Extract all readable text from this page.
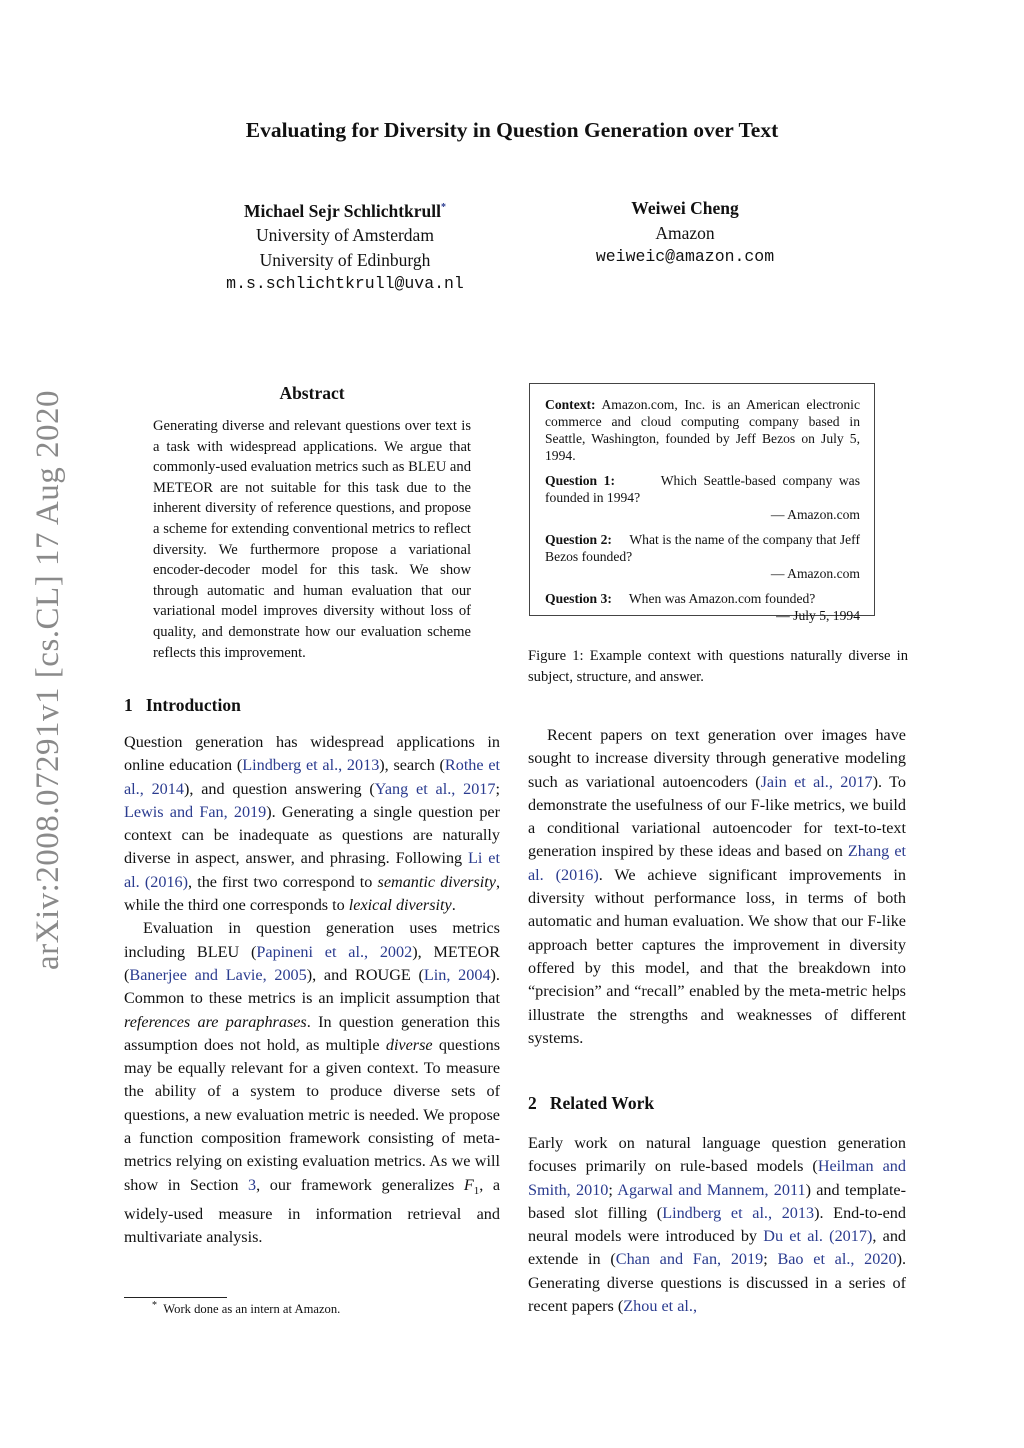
Evaluating for Diversity in Question Generation over Text
Michael Sejr Schlichtkrull*
University of Amsterdam
University of Edinburgh
m.s.schlichtkrull@uva.nl
Weiwei Cheng
Amazon
weiweic@amazon.com
arXiv:2008.07291v1 [cs.CL] 17 Aug 2020	Abstract
Generating diverse and relevant questions over text is a task with widespread applications. We argue that commonly-used evaluation metrics such as BLEU and METEOR are not suitable for this task due to the inherent diversity of reference questions, and propose a scheme for extending conventional metrics to reflect diversity. We furthermore propose a variational encoder-decoder model for this task. We show through automatic and human evaluation that our variational model improves diversity without loss of quality, and demonstrate how our evaluation scheme reflects this improvement.
1 Introduction

Question generation has widespread applications in online education (Lindberg et al., 2013), search (Rothe et al., 2014), and question answering (Yang et al., 2017; Lewis and Fan, 2019). Generating a single question per context can be inadequate as questions are naturally diverse in aspect, answer, and phrasing. Following Li et al. (2016), the first two correspond to semantic diversity, while the third one corresponds to lexical diversity.

Evaluation in question generation uses metrics including BLEU (Papineni et al., 2002), METEOR (Banerjee and Lavie, 2005), and ROUGE (Lin, 2004). Common to these metrics is an implicit assumption that references are paraphrases. In question generation this assumption does not hold, as multiple diverse questions may be equally relevant for a given context. To measure the ability of a system to produce diverse sets of questions, a new evaluation metric is needed. We propose a function composition framework consisting of meta-metrics relying on existing evaluation metrics. As we will show in Section 3, our framework generalizes $F_1$, a widely-used measure in information retrieval and multivariate analysis.

* Work done as an intern at Amazon.

Context: Amazon.com, Inc. is an American electronic commerce and cloud computing company based in Seattle, Washington, founded by Jeff Bezos on July 5, 1994.

Question 1:	Which Seattle-based company was founded in 1994?

— Amazon.com

Question 2: What is the name of the company that Jeff Bezos founded?

— Amazon.com

Question 3: When was Amazon.com founded?

— July 5, 1994

Figure 1: Example context with questions naturally diverse in subject, structure, and answer.

Recent papers on text generation over images have sought to increase diversity through generative modeling such as variational autoencoders (Jain et al., 2017). To demonstrate the usefulness of our F-like metrics, we build a conditional variational autoencoder for text-to-text generation inspired by these ideas and based on Zhang et al. (2016). We achieve significant improvements in diversity without performance loss, in terms of both automatic and human evaluation. We show that our F-like approach better captures the improvement in diversity offered by this model, and that the breakdown into “precision” and “recall” enabled by the meta-metric helps illustrate the strengths and weaknesses of different systems.

2 Related Work

Early work on natural language question generation focuses primarily on rule-based models (Heilman and Smith, 2010; Agarwal and Mannem, 2011) and template-based slot filling (Lindberg et al., 2013). End-to-end neural models were introduced by Du et al. (2017), and extende in (Chan and Fan, 2019; Bao et al., 2020). Generating diverse questions is discussed in a series of recent papers (Zhou et al.,
